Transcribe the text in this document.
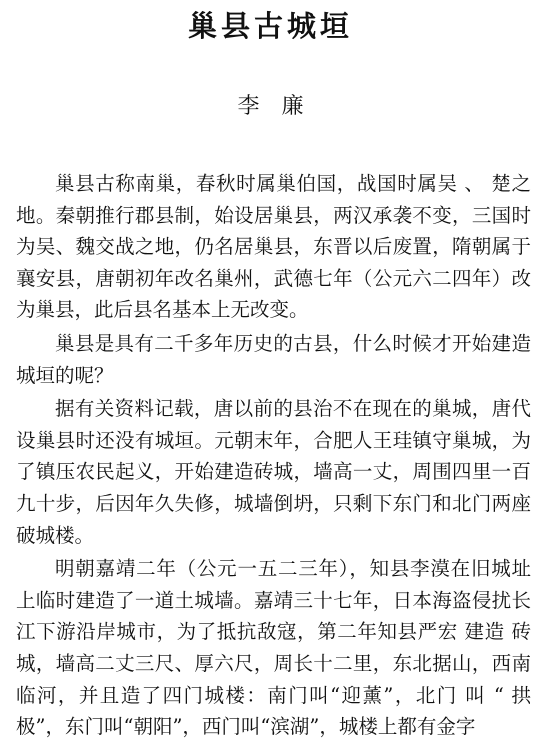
巢县古城垣
李廉

巢县古称南巢，春秋时属巢伯国，战国时属吴 、 楚之地。秦朝推行郡县制，始设居巢县，两汉承袭不变，三国时为吴、魏交战之地，仍名居巢县，东晋以后废置，隋朝属于襄安县，唐朝初年改名巢州，武德七年（公元六二四年）改为巢县，此后县名基本上无改变。

巢县是具有二千多年历史的古县，什么时候才开始建造城垣的呢？

据有关资料记载，唐以前的县治不在现在的巢城，唐代设巢县时还没有城垣。元朝末年，合肥人王珪镇守巢城，为了镇压农民起义，开始建造砖城，墙高一丈，周围四里一百九十步，后因年久失修，城墙倒坍，只剩下东门和北门两座破城楼。

明朝嘉靖二年（公元一五二三年），知县李漠在旧城址上临时建造了一道土城墙。嘉靖三十七年，日本海盗侵扰长江下游沿岸城市，为了抵抗敌寇，第二年知县严宏 建造 砖城，墙高二丈三尺、厚六尺，周长十二里，东北据山，西南临河，并且造了四门城楼：南门叫“迎薰”，北门 叫 “ 拱极”，东门叫“朝阳”，西门叫“滨湖”，城楼上都有金字
